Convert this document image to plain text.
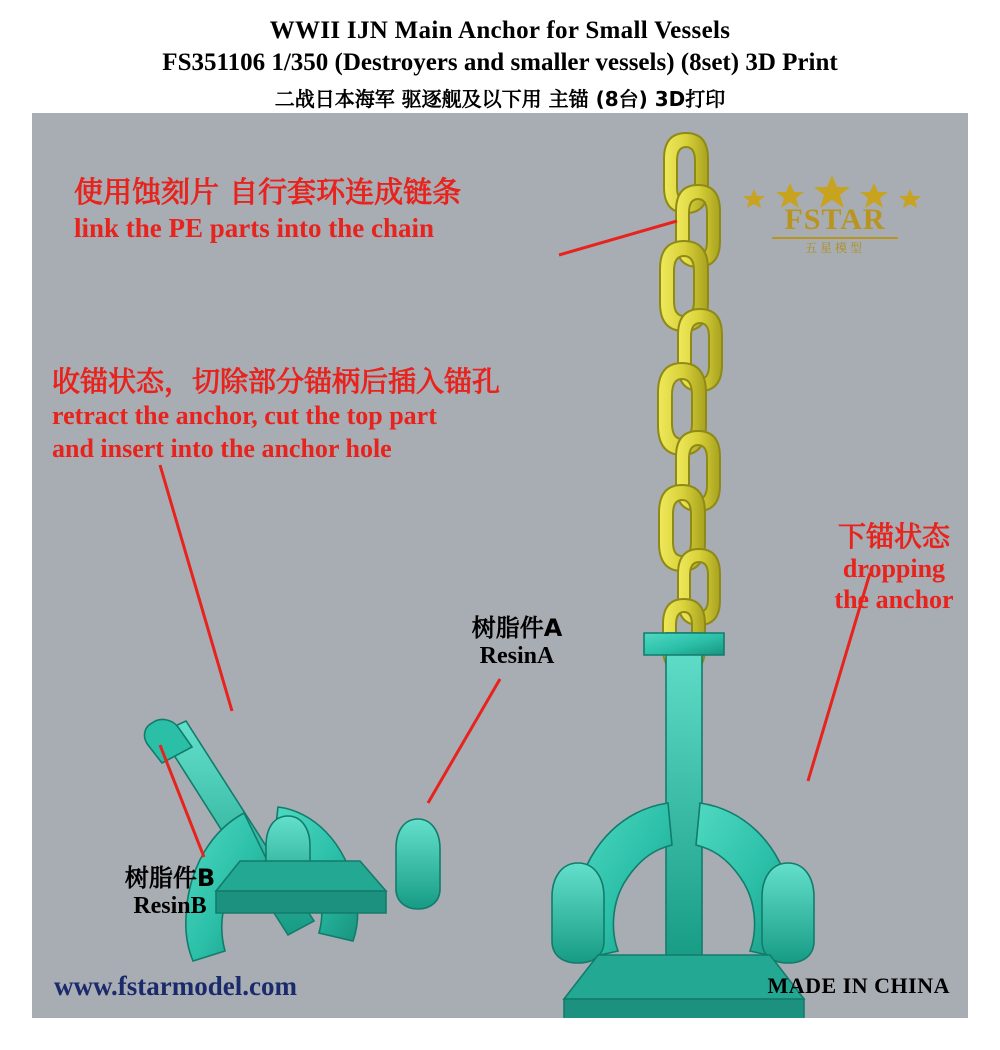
WWII IJN Main Anchor for Small Vessels
FS351106 1/350 (Destroyers and smaller vessels) (8set) 3D Print
二战日本海军 驱逐舰及以下用 主锚 (8台) 3D打印
使用蚀刻片 自行套环连成链条
link the PE parts into the chain
收锚状态，切除部分锚柄后插入锚孔
retract the anchor, cut the top part
and insert into the anchor hole
下锚状态
dropping
the anchor
树脂件A
ResinA
树脂件B
ResinB
FSTAR
五星模型
www.fstarmodel.com	MADE IN CHINA
